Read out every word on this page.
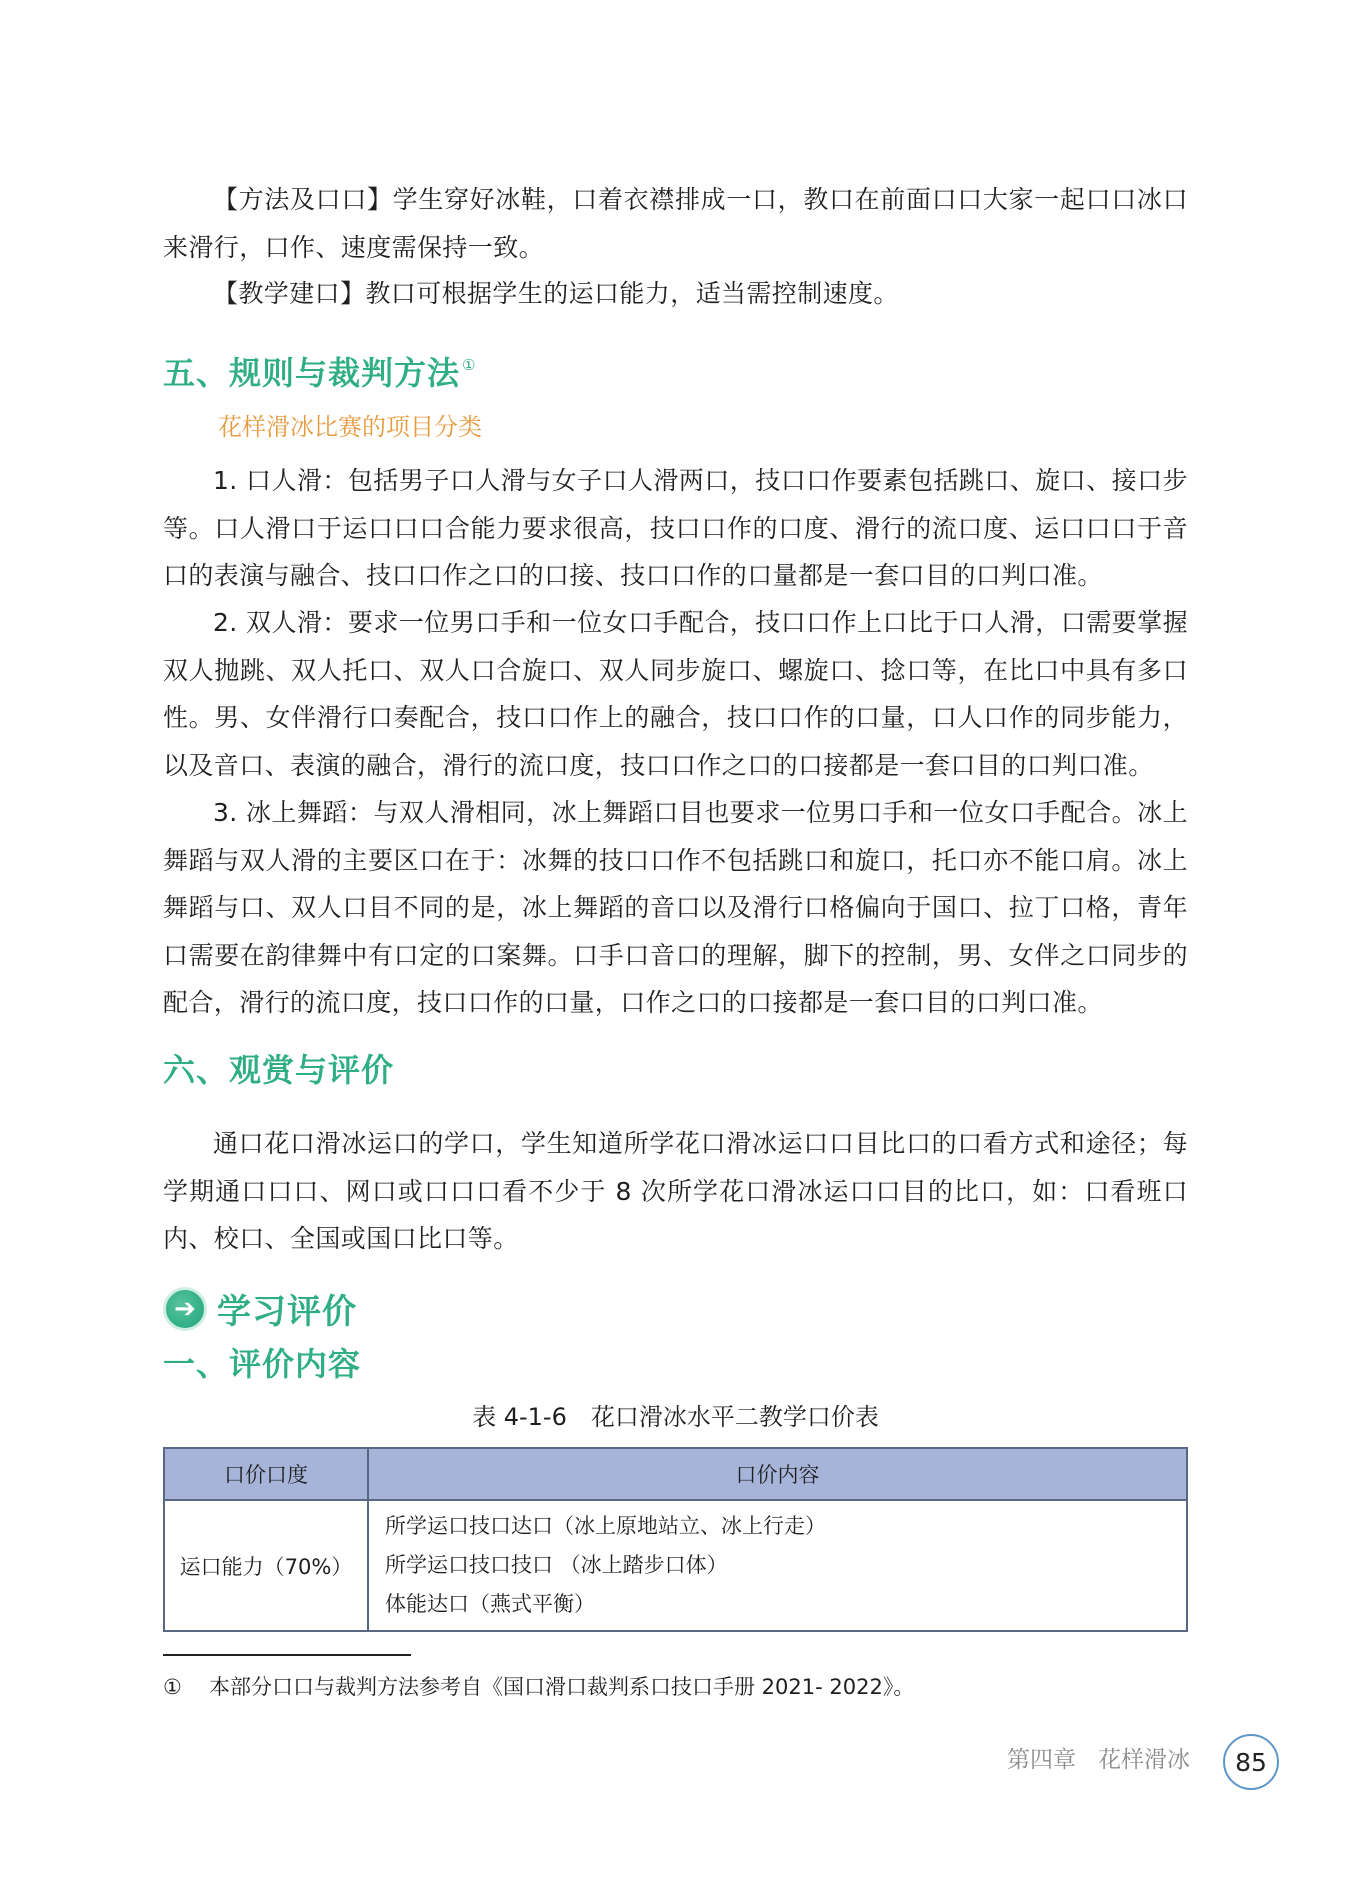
【方法及口口】学生穿好冰鞋，口着衣襟排成一口，教口在前面口口大家一起口口冰口来滑行，口作、速度需保持一致。

【教学建口】教口可根据学生的运口能力，适当需控制速度。

五、规则与裁判方法 ①

花样滑冰比赛的项目分类

1. 口人滑：包括男子口人滑与女子口人滑两口，技口口作要素包括跳口、旋口、接口步等。口人滑口于运口口口合能力要求很高，技口口作的口度、滑行的流口度、运口口口于音口的表演与融合、技口口作之口的口接、技口口作的口量都是一套口目的口判口准。

2. 双人滑：要求一位男口手和一位女口手配合，技口口作上口比于口人滑，口需要掌握双人抛跳、双人托口、双人口合旋口、双人同步旋口、螺旋口、捻口等，在比口中具有多口性。男、女伴滑行口奏配合，技口口作上的融合，技口口作的口量，口人口作的同步能力，以及音口、表演的融合，滑行的流口度，技口口作之口的口接都是一套口目的口判口准。

3. 冰上舞蹈：与双人滑相同，冰上舞蹈口目也要求一位男口手和一位女口手配合。冰上舞蹈与双人滑的主要区口在于：冰舞的技口口作不包括跳口和旋口，托口亦不能口肩。冰上舞蹈与口、双人口目不同的是，冰上舞蹈的音口以及滑行口格偏向于国口、拉丁口格，青年口需要在韵律舞中有口定的口案舞。口手口音口的理解，脚下的控制，男、女伴之口同步的配合，滑行的流口度，技口口作的口量，口作之口的口接都是一套口目的口判口准。

六、观赏与评价

通口花口滑冰运口的学口，学生知道所学花口滑冰运口口目比口的口看方式和途径；每学期通口口口、网口或口口口看不少于 8 次所学花口滑冰运口口目的比口，如：口看班口内、校口、全国或国口比口等。

➔ 学习评价
一、评价内容

表 4-1-6　花口滑冰水平二教学口价表

口价口度	口价内容
运口能力（70%）	所学运口技口达口（冰上原地站立、冰上行走）
所学运口技口技口 （冰上踏步口体）
体能达口（燕式平衡）

① 本部分口口与裁判方法参考自《国口滑口裁判系口技口手册 2021- 2022》。

第四章 花样滑冰	85
